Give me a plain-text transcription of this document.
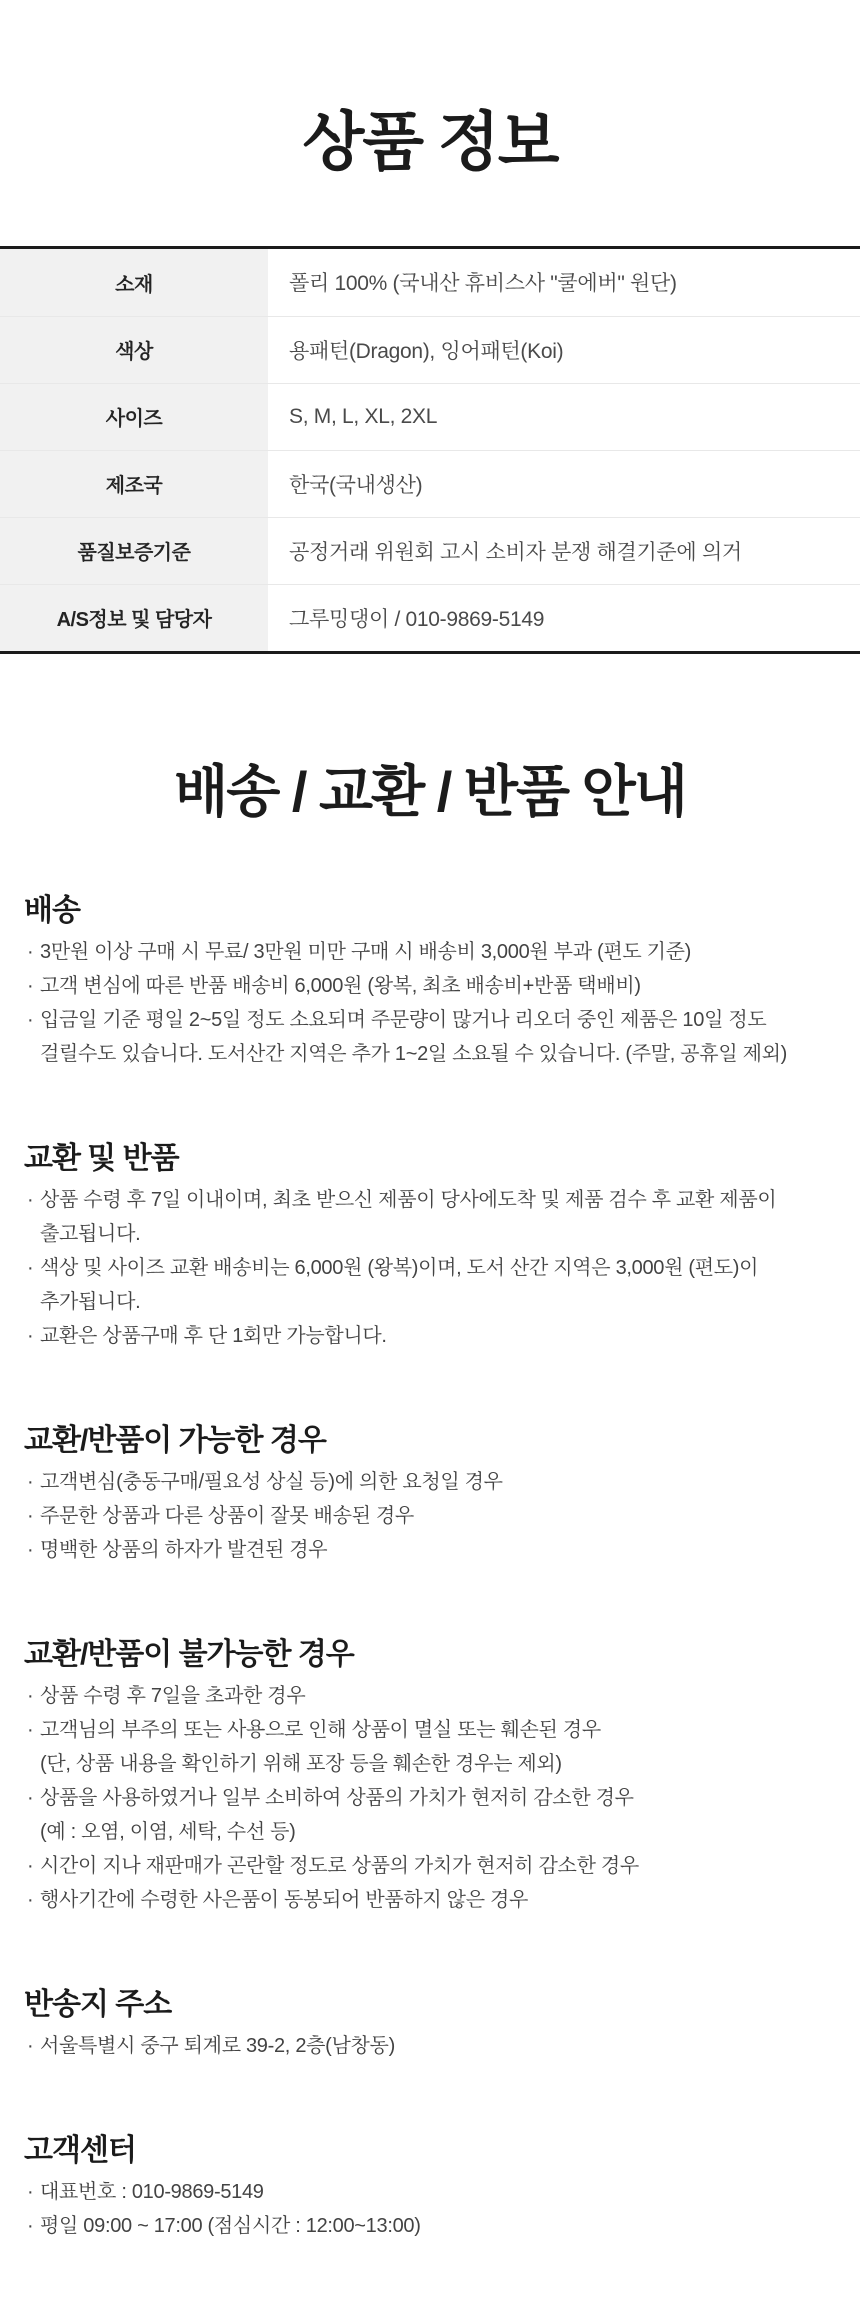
상품 정보
소재	폴리 100% (국내산 휴비스사 "쿨에버" 원단)
색상	용패턴(Dragon), 잉어패턴(Koi)
사이즈	S, M, L, XL, 2XL
제조국	한국(국내생산)
품질보증기준	공정거래 위원회 고시 소비자 분쟁 해결기준에 의거
A/S정보 및 담당자	그루밍댕이 / 010-9869-5149
배송 / 교환 / 반품 안내
배송
· 3만원 이상 구매 시 무료/ 3만원 미만 구매 시 배송비 3,000원 부과 (편도 기준)
· 고객 변심에 따른 반품 배송비 6,000원 (왕복, 최초 배송비+반품 택배비)
· 입금일 기준 평일 2~5일 정도 소요되며 주문량이 많거나 리오더 중인 제품은 10일 정도
걸릴수도 있습니다. 도서산간 지역은 추가 1~2일 소요될 수 있습니다. (주말, 공휴일 제외)
교환 및 반품
· 상품 수령 후 7일 이내이며, 최초 받으신 제품이 당사에도착 및 제품 검수 후 교환 제품이
출고됩니다.
· 색상 및 사이즈 교환 배송비는 6,000원 (왕복)이며, 도서 산간 지역은 3,000원 (편도)이
추가됩니다.
· 교환은 상품구매 후 단 1회만 가능합니다.
교환/반품이 가능한 경우
· 고객변심(충동구매/필요성 상실 등)에 의한 요청일 경우
· 주문한 상품과 다른 상품이 잘못 배송된 경우
· 명백한 상품의 하자가 발견된 경우
교환/반품이 불가능한 경우
· 상품 수령 후 7일을 초과한 경우
· 고객님의 부주의 또는 사용으로 인해 상품이 멸실 또는 훼손된 경우
(단, 상품 내용을 확인하기 위해 포장 등을 훼손한 경우는 제외)
· 상품을 사용하였거나 일부 소비하여 상품의 가치가 현저히 감소한 경우
(예 : 오염, 이염, 세탁, 수선 등)
· 시간이 지나 재판매가 곤란할 정도로 상품의 가치가 현저히 감소한 경우
· 행사기간에 수령한 사은품이 동봉되어 반품하지 않은 경우
반송지 주소
· 서울특별시 중구 퇴계로 39-2, 2층(남창동)
고객센터
· 대표번호 : 010-9869-5149
· 평일 09:00 ~ 17:00 (점심시간 : 12:00~13:00)
